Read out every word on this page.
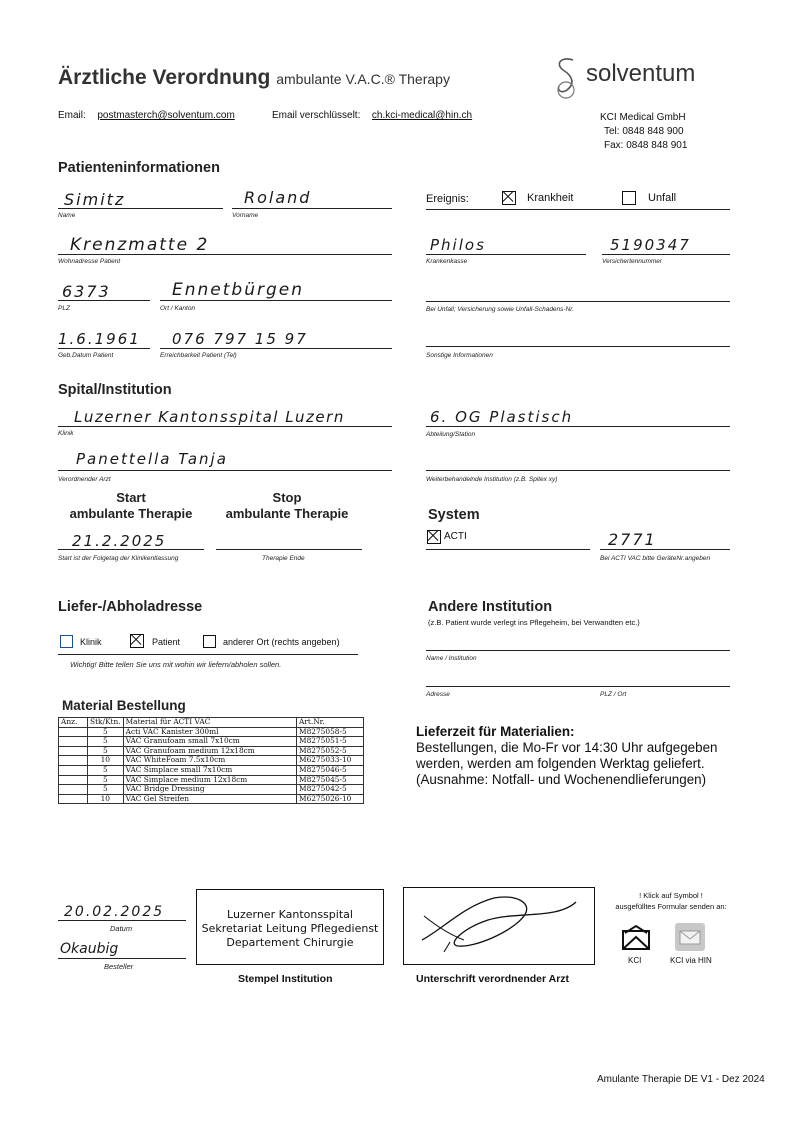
Ärztliche Verordnung ambulante V.A.C.® Therapy	solventum
Email: postmasterch@solventum.com	Email verschlüsselt: ch.kci-medical@hin.ch	KCI Medical GmbH
Tel: 0848 848 900
Fax: 0848 848 901
Patienteninformationen
Simitz
Name
Roland
Vorname
Krenzmatte 2
Wohnadresse Patient
6373
PLZ
Ennetbürgen
Ort / Kanton
1.6.1961
Geb.Datum Patient
076 797 15 97
Erreichbarkeit Patient (Tel)
Ereignis:	Krankheit	Unfall
Philos
Krankenkasse
5190347
Versichertennummer
Bei Unfall; Versicherung sowie Unfall-Schadens-Nr.
Sonstige Informationen
Spital/Institution
Luzerner Kantonsspital Luzern
Klinik
6. OG Plastisch
Abteilung/Station
Panettella Tanja
Verordnender Arzt	Weiterbehandelnde Institution (z.B. Spitex xy)
Start
ambulante Therapie
Stop
ambulante Therapie
21.2.2025
Start ist der Folgetag der Klinikentlassung	Therapie Ende
System
ACTI	2771
Bei ACTI VAC bitte GeräteNr.angeben
Liefer-/Abholadresse
Klinik	Patient	anderer Ort (rechts angeben)
Wichtig! Bitte teilen Sie uns mit wohin wir liefern/abholen sollen.
Andere Institution
(z.B. Patient wurde verlegt ins Pflegeheim, bei Verwandten etc.)
Name / Institution
Adresse	PLZ / Ort
Material Bestellung
Anz.	Stk/Ktn.	Material für ACTI VAC	Art.Nr.
	5	Acti VAC Kanister 300ml	M8275058-5
	5	VAC Granufoam small 7x10cm	M8275051-5
	5	VAC Granufoam medium 12x18cm	M8275052-5
	10	VAC WhiteFoam 7.5x10cm	M6275033-10
	5	VAC Simplace small 7x10cm	M8275046-5
	5	VAC Simplace medium 12x18cm	M8275045-5
	5	VAC Bridge Dressing	M8275042-5
	10	VAC Gel Streifen	M6275026-10
Lieferzeit für Materialien:
Bestellungen, die Mo-Fr vor 14:30 Uhr aufgegeben
werden, werden am folgenden Werktag geliefert.
(Ausnahme: Notfall- und Wochenendlieferungen)
20.02.2025
Datum
Okaubig
Besteller
Luzerner Kantonsspital
Sekretariat Leitung Pflegedienst
Departement Chirurgie
Stempel Institution	Unterschrift verordnender Arzt
! Klick auf Symbol !
ausgefülltes Formular senden an:
KCI	KCI via HIN
Amulante Therapie DE V1 - Dez 2024
